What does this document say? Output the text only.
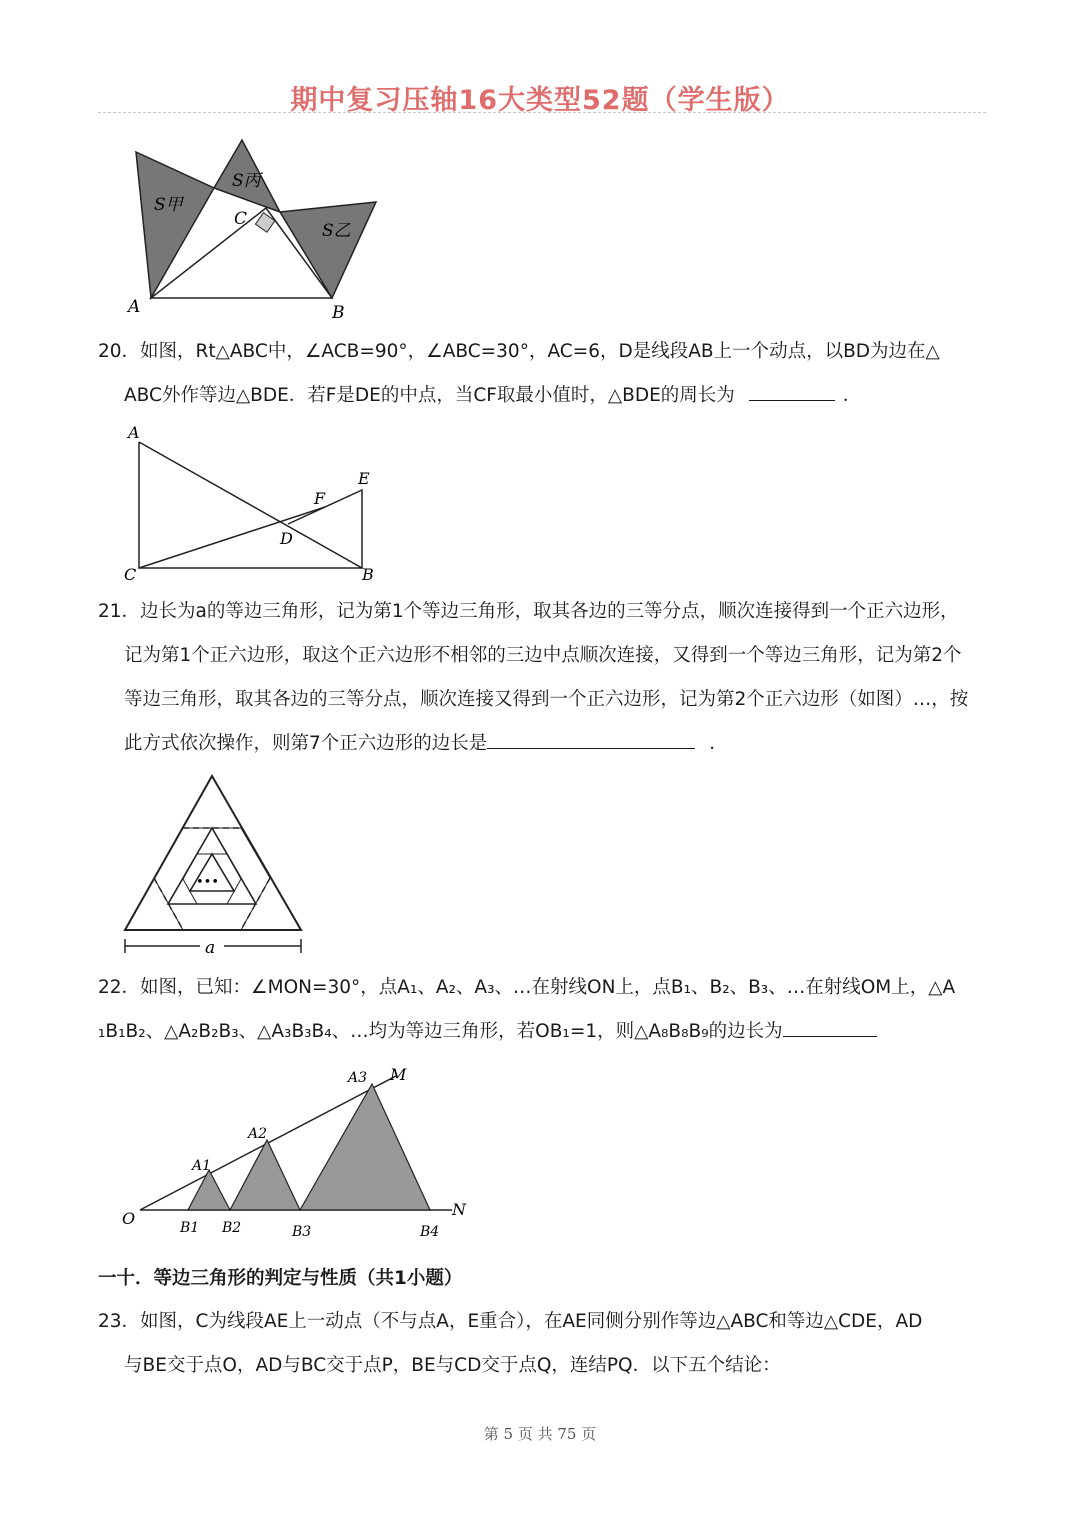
期中复习压轴16大类型52题（学生版）
S甲
S丙
S乙
C
A	B
20．如图，Rt△ABC中，∠ACB=90°，∠ABC=30°，AC=6，D是线段AB上一个动点，以BD为边在△
ABC外作等边△BDE．若F是DE的中点，当CF取最小值时，△BDE的周长为	．
A
E
F
D
C	B
21．边长为a的等边三角形，记为第1个等边三角形，取其各边的三等分点，顺次连接得到一个正六边形，
记为第1个正六边形，取这个正六边形不相邻的三边中点顺次连接，又得到一个等边三角形，记为第2个
等边三角形，取其各边的三等分点，顺次连接又得到一个正六边形，记为第2个正六边形（如图）…，按
此方式依次操作，则第7个正六边形的边长是	．
•••
a
22．如图，已知：∠MON=30°，点A₁、A₂、A₃、…在射线ON上，点B₁、B₂、B₃、…在射线OM上，△A
₁B₁B₂、△A₂B₂B₃、△A₃B₃B₄、…均为等边三角形，若OB₁=1，则△A₈B₈B₉的边长为
O	N
M
A1
A2
A3
B1 B2	B3	B4
一十．等边三角形的判定与性质（共1小题）
23．如图，C为线段AE上一动点（不与点A，E重合），在AE同侧分别作等边△ABC和等边△CDE，AD
与BE交于点O，AD与BC交于点P，BE与CD交于点Q，连结PQ．以下五个结论：
第 5 页 共 75 页
